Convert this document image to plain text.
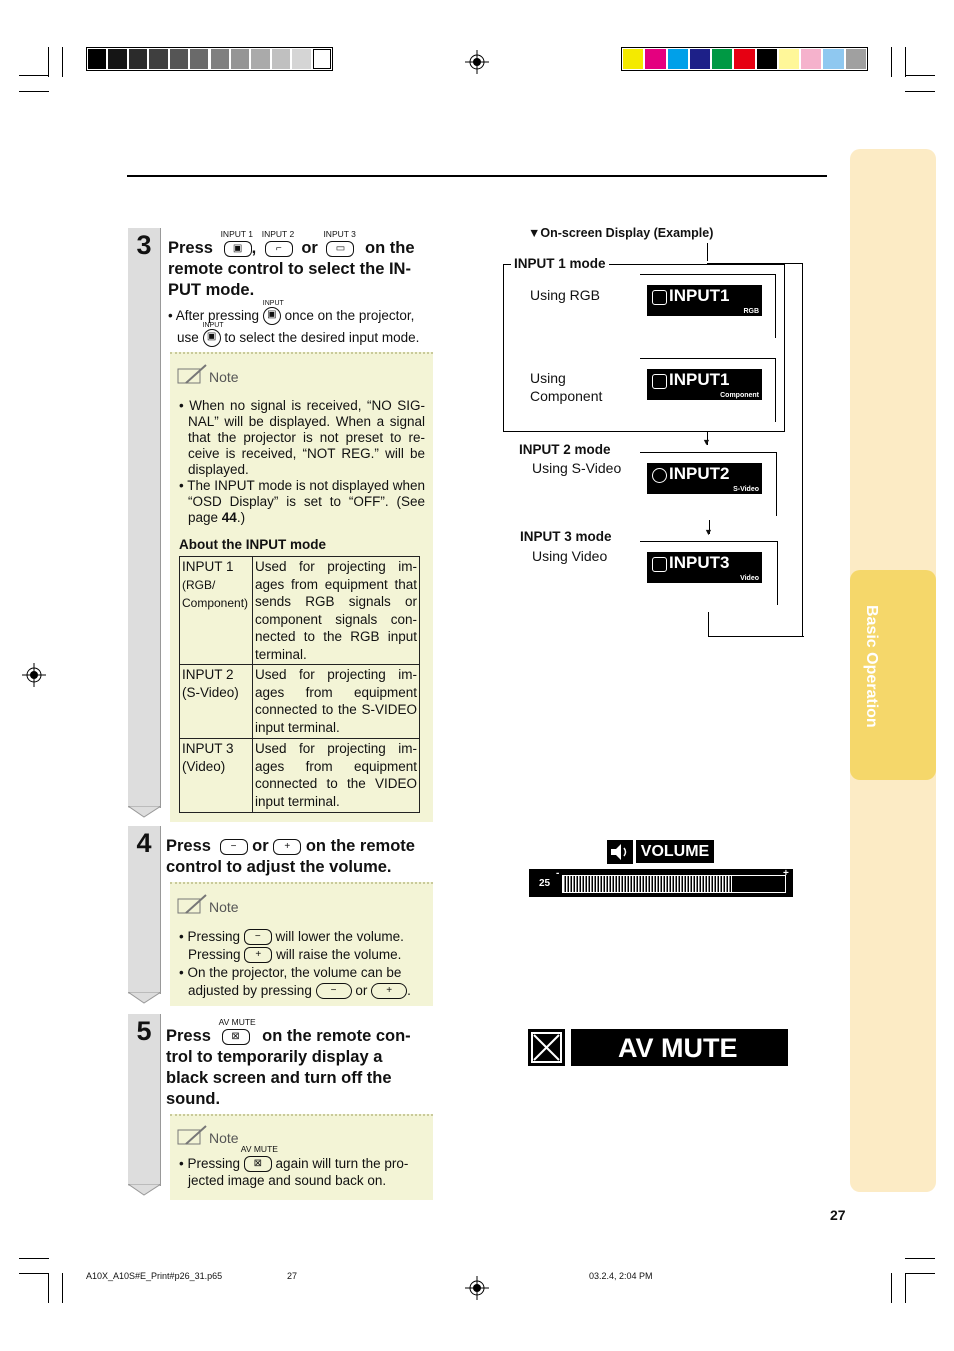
Basic Operation
3 Press
INPUT 1
▣ ,
INPUT 2
⌐ or
INPUT 3
▭ on the
remote control to select the IN-
PUT mode.
• After pressing
INPUT
▣ once on the projector,
use
INPUT
▣ to select the desired input mode.
Note
• When no signal is received, “NO SIG-NAL” will be displayed. When a signal that the projector is not preset to re-ceive is received, “NOT REG.” will be displayed.
• The INPUT mode is not displayed when “OSD Display” is set to “OFF”. (See page 44.)
About the INPUT mode
INPUT 1
(RGB/ Component)	Used for projecting im-ages from equipment that sends RGB signals or component signals con-nected to the RGB input terminal.
INPUT 2
(S-Video)	Used for projecting im-ages from equipment connected to the S-VIDEO input terminal.
INPUT 3
(Video)	Used for projecting im-ages from equipment connected to the VIDEO input terminal.
4 Press − or + on the remote
control to adjust the volume.
Note
• Pressing − will lower the volume.
Pressing + will raise the volume.
• On the projector, the volume can be
adjusted by pressing − or + .
5 Press
AV MUTE
⊠ on the remote con-
trol to temporarily display a
black screen and turn off the
sound.
Note
• Pressing
AV MUTE
⊠ again will turn the pro-
jected image and sound back on.
▼On-screen Display (Example)
INPUT 1 mode
Using RGB
Using
Component
INPUT1
RGB
INPUT1
Component
▼
INPUT 2 mode
Using S-Video	INPUT2
S-Video
▼
INPUT 3 mode
Using Video	INPUT3
Video
VOLUME
25
-	+
AV MUTE
27
A10X_A10S#E_Print#p26_31.p65	27	03.2.4, 2:04 PM
